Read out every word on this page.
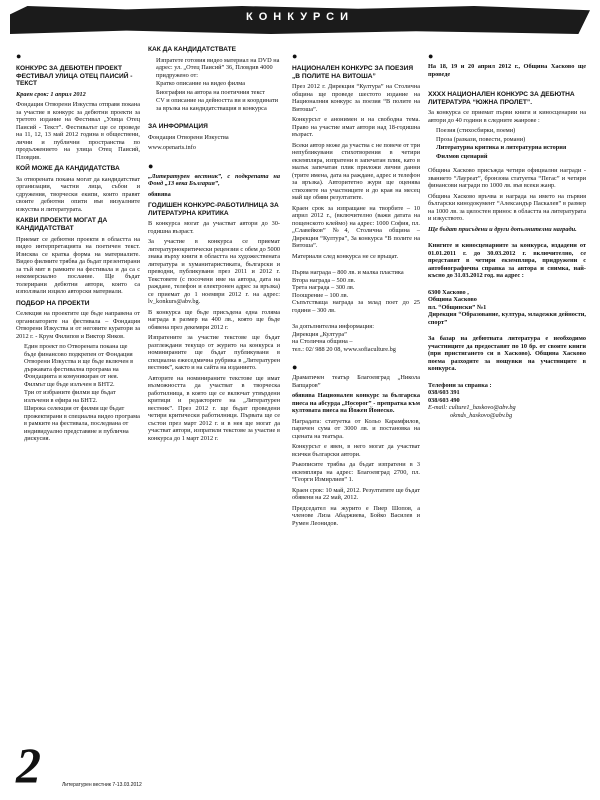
КОНКУРСИ
●
КОНКУРС ЗА ДЕБЮТЕН ПРОЕКТ ФЕСТИВАЛ УЛИЦА ОТЕЦ ПАИСИЙ - ТЕКСТ

Краен срок: 1 април 2012

Фондация Отворени Изкуства отправя покана за участие в конкурс за дебютни проекти за третото издание на Фестивал „Улица Отец Паисий - Текст”. Фестивалът ще се проведе на 11, 12, 13 май 2012 година в обществени, лични и публични пространства по продължението на улица Отец Паисий, Пловдив.

КОЙ МОЖЕ ДА КАНДИДАТСТВА

За отворената покана могат да кандидатстват организации, частни лица, събои и сдружения, творчески екипи, които правят своите дебютни опити във визуалните изкуства и литературата.

КАКВИ ПРОЕКТИ МОГАТ ДА КАНДИДАТСТВАТ

Приемат се дебютни проекти в областта на видео интерпретацията на поетичен текст. Изисква се кратка форма на материалите. Видео филмите трябва да бъдат презентирани за тъй мит в рамките на фестивала и да са с некомерсиално послание. Ще бъдат толерирани дебютни автори, които са използвали изцяло авторски материали.

ПОДБОР НА ПРОЕКТИ

Селекция на проектите ще бъде направена от организаторите на фестивала – Фондация Отворени Изкуства и от неговите куратори за 2012 г. - Крум Филипов и Виктор Янков.

• Един проект по Отворената покана ще бъде финансово подкрепен от Фондация Отворени Изкуства и ще бъде включен в държавата фестивална програма на Фондацията и комуникиран от нея. Филмът ще бъде излъчен в БНТ2.
• Три от избраните филми ще бъдат излъчени в ефира на БНТ2.
• Широка селекция от филми ще бъдат прожектирани в специална видео програма в рамките на фестивала, последвана от индивидуално представяне и публична дискусия.
КАК ДА КАНДИДАТСТВАТЕ
• Изпратете готовия видео материал на DVD на адрес: ул. „Отец Паисий” 36, Пловдив 4000 придружено от:
• Кратко описание на видео филма
• Биография на автора на поетичния текст
• CV и описание на дейността ви и координати за връзка на кандидатстващия в конкурса
ЗА ИНФОРМАЦИЯ

Фондация Отворени Изкуства

www.openarts.info

●

„Литературен вестник”, с подкрепата на Фонд „13 века България”,

обявява

ГОДИШЕН КОНКУРС-РАБОТИЛНИЦА ЗА ЛИТЕРАТУРНА КРИТИКА

В конкурса могат да участват автори до 30-годишна възраст.

За участие в конкурса се приемат литературнокритически рецензии с обем до 5000 знака върху книги в областта на художествената литература и хуманитаристиката, български и преводни, публикувани през 2011 и 2012 г. Текстовете (с посочени име на автора, дата на раждане, телефон и електронен адрес за връзка) се приемат до 1 ноември 2012 г. на адрес: lv_konkurs@abv.bg.

В конкурса ще бъде присъдена една голяма награда в размер на 400 лв., която ще бъде обявена през декември 2012 г.

Изпратените за участие текстове ще бъдат разглеждани текущо от журито на конкурса и номинираните ще бъдат публикувани в специална ежеседмична рубрика в „Литературен вестник”, както и на сайта на изданието.

Авторите на номинираните текстове ще имат възможността да участват в творческа работилница, в която ще се включат утвърдени критици и редакторите на „Литературен вестник”. През 2012 г. ще бъдат проведени четири критически работилници. Първата ще се състои през март 2012 г. и в нея ще могат да участват автори, изпратили текстове за участие в конкурса до 1 март 2012 г.

●
НАЦИОНАЛЕН КОНКУРС ЗА ПОЕЗИЯ „В ПОЛИТЕ НА ВИТОША”

През 2012 г. Дирекция “Култура” на Столична община ще проведе шестото издание на Националния конкурс за поезия “В полите на Витоша”.

Конкурсът е анонимен и на свободна тема. Право на участие имат автори над 18-годишна възраст.

Всеки автор може да участва с не повече от три непубликувани стихотворения в четири екземпляра, изпратени в запечатан плик, като в малък запечатан плик приложи лични данни (трите имена, дата на раждане, адрес и телефон за връзка). Авторитетно жури ще оценява стиховете на участниците и до края на месец май ще обяви резултатите.

Краен срок за изпращане на творбите – 10 април 2012 г., (включително (важи датата на пощенското клеймо) на адрес: 1000 София, пл. „Славейков” №4, Столична община – Дирекция “Култура”, За конкурса “В полите на Витоша”.

Материали след конкурса не се връщат.

Първа награда – 800 лв. и малка пластика

Втора награда – 500 лв.

Трета награда – 300 лв.

Поощрение – 100 лв.

Съпътстваща награда за млад поет до 25 години – 300 лв.

За допълнителна информация:

Дирекция „Култура”

на Столична община –

тел.: 02/ 988 20 08, www.sofiaculture.bg

●

Драматичен театър Благоевград „Никола Вапцаров”

обявява Национален конкурс за българска пиеса на абсурда „Носорог” - препратка към култовата пиеса на Йожен Йонеско.

Наградата: статуетка от Кольо Карамфилов, паричен сума от 3000 лв. и постановка на сцената на театъра.

Конкурсът е явен, в него могат да участват всички български автори.

Ръкописите трябва да бъдат изпратени в 3 екземпляра на адрес: Благоевград 2700, пл. “Георги Измирлиев” 1.

Краен срок: 10 май, 2012. Резултатите ще бъдат обявени на 22 май, 2012.

Председател на журито е Пиер Шопов, а членове Лиза Абаджиева, Бойко Василев и Румен Леонидов.

●

На 18, 19 и 20 април 2012 г., Община Хасково ще проведе

XXXX НАЦИОНАЛЕН КОНКУРС ЗА ДЕБЮТНА ЛИТЕРАТУРА “ЮЖНА ПРОЛЕТ”.

За конкурса се приемат първи книги и киносценарии на автори до 40 години в следните жанрове :

• Поезия (стихосбирки, поеми)
• Проза (разкази, повести, романи)
• Литературна критика и литературна история
• Филмов сценарий

Община Хасково присъжда четири официални награди - званието “Лауреат”, бронзова статуетка “Пегас” и четири финансови награди по 1000 лв. във всеки жанр.

Община Хасково връчва и награда на името на първия български кинодокумент “Александър Паскалев” в размер на 1000 лв. за цялостен принос в областта на литературата и изкуството.

Ще бъдат присъдени и други допълнителни награди.

Книгите и киносценариите за конкурса, издадени от 01.01.2011 г. до 30.03.2012 г. включително, се представят в четири екземпляра, придружени с автобиографична справка за автора и снимка, най-късно до 31.03.2012 год. на адрес :

6300 Хасково ,

Община Хасково

пл. “Общински” №1

Дирекция “Образование, култура, младежки дейности, спорт”

За базар на дебютната литература е необходимо участниците да предоставят по 10 бр. от своите книги (при пристигането си в Хасково). Община Хасково поема разходите за нощувки на участниците в конкурса.

Телефони за справка :

038/603 391

038/603 490

E-mail: culture1_haskovo@abv.bg

okmds_haskovo@abv.bg

2	Литературен вестник 7-13.03.2012
